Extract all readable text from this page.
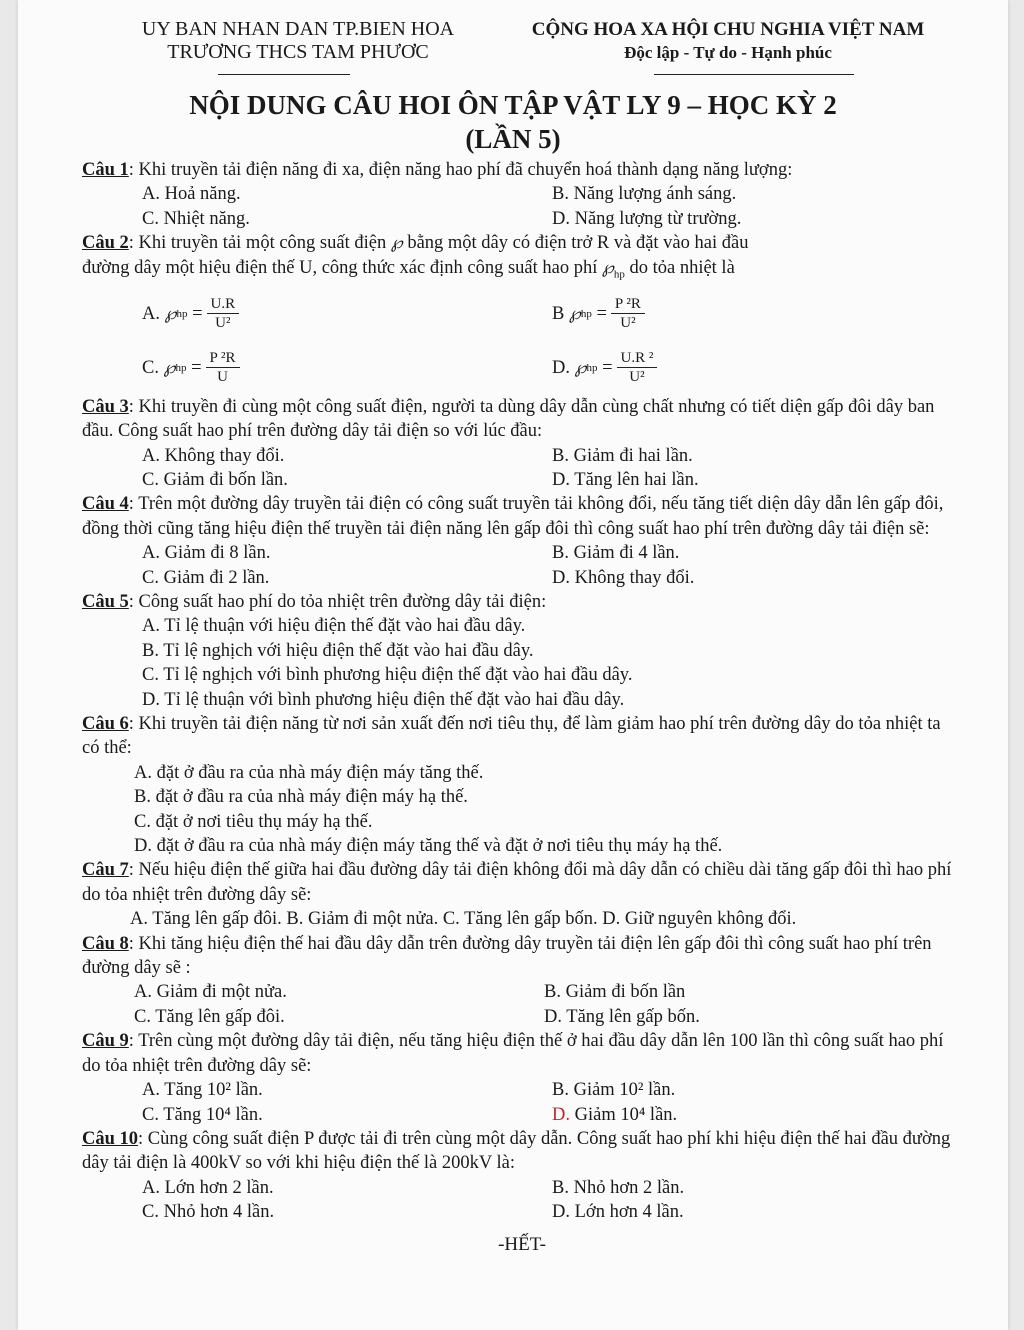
UY BAN NHAN DAN TP.BIEN HOA
TRƯƠNG THCS TAM PHƯƠC
CỘNG HOA XA HỘI CHU NGHIA VIỆT NAM
Độc lập - Tự do - Hạnh phúc
NỘI DUNG CÂU HOI ÔN TẬP VẬT LY 9 – HỌC KỲ 2
(LẦN 5)

Câu 1: Khi truyền tải điện năng đi xa, điện năng hao phí đã chuyển hoá thành dạng năng lượng:

A. Hoả năng.	B. Năng lượng ánh sáng.
C. Nhiệt năng.	D. Năng lượng từ trường.

Câu 2: Khi truyền tải một công suất điện ℘ bằng một dây có điện trở R và đặt vào hai đầu
đường dây một hiệu điện thế U, công thức xác định công suất hao phí $℘_{hp}$ do tỏa nhiệt là

A.
℘ hp = $\frac{U.R}{\text{U²}}$	B
℘ hp = $\frac{\text{P ²R}}{\text{U²}}$
C.
℘ hp = $\frac{\text{P ²R}}{U}$	D.
℘ hp = $\frac{\text{U.R ²}}{\text{U²}}$

Câu 3: Khi truyền đi cùng một công suất điện, người ta dùng dây dẫn cùng chất nhưng có tiết diện gấp đôi dây ban đầu. Công suất hao phí trên đường dây tải điện so với lúc đầu:

A. Không thay đổi.	B. Giảm đi hai lần.
C. Giảm đi bốn lần.	D. Tăng lên hai lần.

Câu 4: Trên một đường dây truyền tải điện có công suất truyền tải không đổi, nếu tăng tiết diện dây dẫn lên gấp đôi, đồng thời cũng tăng hiệu điện thế truyền tải điện năng lên gấp đôi thì công suất hao phí trên đường dây tải điện sẽ:

A. Giảm đi 8 lần.	B. Giảm đi 4 lần.
C. Giảm đi 2 lần.	D. Không thay đổi.

Câu 5: Công suất hao phí do tỏa nhiệt trên đường dây tải điện:

A. Tỉ lệ thuận với hiệu điện thế đặt vào hai đầu dây.
B. Tỉ lệ nghịch với hiệu điện thế đặt vào hai đầu dây.
C. Tỉ lệ nghịch với bình phương hiệu điện thế đặt vào hai đầu dây.
D. Tỉ lệ thuận với bình phương hiệu điện thế đặt vào hai đầu dây.

Câu 6: Khi truyền tải điện năng từ nơi sản xuất đến nơi tiêu thụ, để làm giảm hao phí trên đường dây do tỏa nhiệt ta có thể:

A. đặt ở đầu ra của nhà máy điện máy tăng thế.
B. đặt ở đầu ra của nhà máy điện máy hạ thế.
C. đặt ở nơi tiêu thụ máy hạ thế.
D. đặt ở đầu ra của nhà máy điện máy tăng thế và đặt ở nơi tiêu thụ máy hạ thế.

Câu 7: Nếu hiệu điện thế giữa hai đầu đường dây tải điện không đổi mà dây dẫn có chiều dài tăng gấp đôi thì hao phí do tỏa nhiệt trên đường dây sẽ:

A. Tăng lên gấp đôi. B. Giảm đi một nửa. C. Tăng lên gấp bốn. D. Giữ nguyên không đổi.

Câu 8: Khi tăng hiệu điện thế hai đầu dây dẫn trên đường dây truyền tải điện lên gấp đôi thì công suất hao phí trên đường dây sẽ :

A. Giảm đi một nửa.	B. Giảm đi bốn lần
C. Tăng lên gấp đôi.	D. Tăng lên gấp bốn.

Câu 9: Trên cùng một đường dây tải điện, nếu tăng hiệu điện thế ở hai đầu dây dẫn lên 100 lần thì công suất hao phí do tỏa nhiệt trên đường dây sẽ:

A. Tăng 10² lần.	B. Giảm 10² lần.
C. Tăng 10⁴ lần.	D. Giảm 10⁴ lần.

Câu 10: Cùng công suất điện P được tải đi trên cùng một dây dẫn. Công suất hao phí khi hiệu điện thế hai đầu đường dây tải điện là 400kV so với khi hiệu điện thế là 200kV là:

A. Lớn hơn 2 lần.	B. Nhỏ hơn 2 lần.
C. Nhỏ hơn 4 lần.	D. Lớn hơn 4 lần.
-HẾT-
